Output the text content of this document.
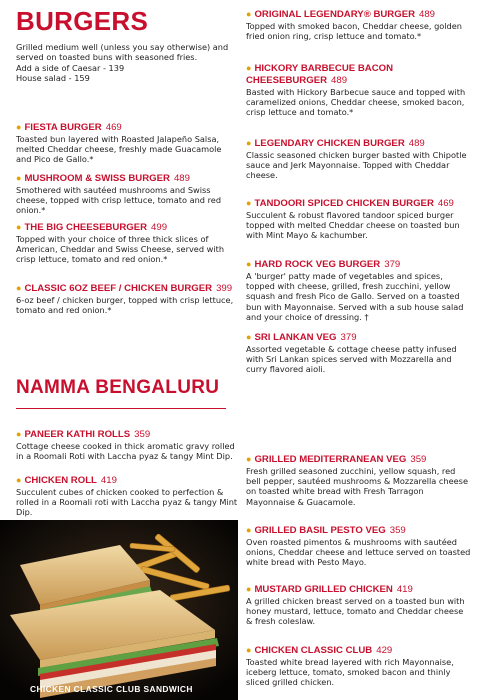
BURGERS

Grilled medium well (unless you say otherwise) and served on toasted buns with seasoned fries.

Add a side of Caesar - 139

House salad - 159

● FIESTA BURGER 469

Toasted bun layered with Roasted Jalapeño Salsa, melted Cheddar cheese, freshly made Guacamole and Pico de Gallo.*

● MUSHROOM & SWISS BURGER 489

Smothered with sautéed mushrooms and Swiss cheese, topped with crisp lettuce, tomato and red onion.*

● THE BIG CHEESEBURGER 499

Topped with your choice of three thick slices of American, Cheddar and Swiss Cheese, served with crisp lettuce, tomato and red onion.*

● CLASSIC 6OZ BEEF / CHICKEN BURGER 399

6-oz beef / chicken burger, topped with crisp lettuce, tomato and red onion.*

● ORIGINAL LEGENDARY® BURGER 489

Topped with smoked bacon, Cheddar cheese, golden fried onion ring, crisp lettuce and tomato.*

● HICKORY BARBECUE BACON CHEESEBURGER 489

Basted with Hickory Barbecue sauce and topped with caramelized onions, Cheddar cheese, smoked bacon, crisp lettuce and tomato.*

● LEGENDARY CHICKEN BURGER 489

Classic seasoned chicken burger basted with Chipotle sauce and Jerk Mayonnaise. Topped with Cheddar cheese.

● TANDOORI SPICED CHICKEN BURGER 469

Succulent & robust flavored tandoor spiced burger topped with melted Cheddar cheese on toasted bun with Mint Mayo & kachumber.

● HARD ROCK VEG BURGER 379

A 'burger' patty made of vegetables and spices, topped with cheese, grilled, fresh zucchini, yellow squash and fresh Pico de Gallo. Served on a toasted bun with Mayonnaise. Served with a sub house salad and your choice of dressing. †

● SRI LANKAN VEG 379

Assorted vegetable & cottage cheese patty infused with Sri Lankan spices served with Mozzarella and curry flavored aioli.

NAMMA BENGALURU
● PANEER KATHI ROLLS 359

Cottage cheese cooked in thick aromatic gravy rolled in a Roomali Roti with Laccha pyaz & tangy Mint Dip.

● CHICKEN ROLL 419

Succulent cubes of chicken cooked to perfection & rolled in a Roomali roti with Laccha pyaz & tangy Mint Dip.

● GRILLED MEDITERRANEAN VEG 359

Fresh grilled seasoned zucchini, yellow squash, red bell pepper, sautéed mushrooms & Mozzarella cheese on toasted white bread with Fresh Tarragon Mayonnaise & Guacamole.

● GRILLED BASIL PESTO VEG 359

Oven roasted pimentos & mushrooms with sautéed onions, Cheddar cheese and lettuce served on toasted white bread with Pesto Mayo.

● MUSTARD GRILLED CHICKEN 419

A grilled chicken breast served on a toasted bun with honey mustard, lettuce, tomato and Cheddar cheese & fresh coleslaw.

● CHICKEN CLASSIC CLUB 429

Toasted white bread layered with rich Mayonnaise, iceberg lettuce, tomato, smoked bacon and thinly sliced grilled chicken.

CHICKEN CLASSIC CLUB SANDWICH
